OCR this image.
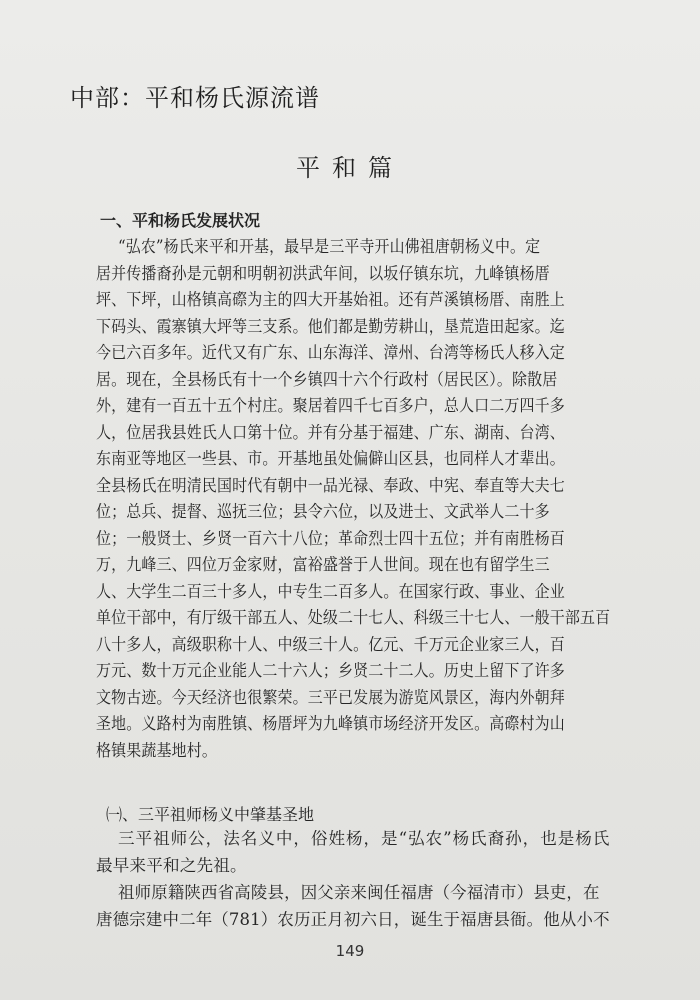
中部：平和杨氏源流谱
平和篇
一、平和杨氏发展状况
“弘农”杨氏来平和开基，最早是三平寺开山佛祖唐朝杨义中。定
居并传播裔孙是元朝和明朝初洪武年间，以坂仔镇东坑，九峰镇杨厝
坪、下坪，山格镇高磜为主的四大开基始祖。还有芦溪镇杨厝、南胜上
下码头、霞寨镇大坪等三支系。他们都是勤劳耕山，垦荒造田起家。迄
今已六百多年。近代又有广东、山东海洋、漳州、台湾等杨氏人移入定
居。现在，全县杨氏有十一个乡镇四十六个行政村（居民区）。除散居
外，建有一百五十五个村庄。聚居着四千七百多户，总人口二万四千多
人，位居我县姓氏人口第十位。并有分基于福建、广东、湖南、台湾、
东南亚等地区一些县、市。开基地虽处偏僻山区县，也同样人才辈出。
全县杨氏在明清民国时代有朝中一品光禄、奉政、中宪、奉直等大夫七
位；总兵、提督、巡抚三位；县令六位，以及进士、文武举人二十多
位；一般贤士、乡贤一百六十八位；革命烈士四十五位；并有南胜杨百
万，九峰三、四位万金家财，富裕盛誉于人世间。现在也有留学生三
人、大学生二百三十多人，中专生二百多人。在国家行政、事业、企业
单位干部中，有厅级干部五人、处级二十七人、科级三十七人、一般干部五百
八十多人，高级职称十人、中级三十人。亿元、千万元企业家三人，百
万元、数十万元企业能人二十六人；乡贤二十二人。历史上留下了许多
文物古迹。今天经济也很繁荣。三平已发展为游览风景区，海内外朝拜
圣地。义路村为南胜镇、杨厝坪为九峰镇市场经济开发区。高磜村为山
格镇果蔬基地村。
㈠、三平祖师杨义中肇基圣地
三平祖师公，法名义中，俗姓杨，是“弘农”杨氏裔孙，也是杨氏
最早来平和之先祖。
祖师原籍陕西省高陵县，因父亲来闽任福唐（今福清市）县吏，在
唐德宗建中二年（781）农历正月初六日，诞生于福唐县衙。他从小不
149
